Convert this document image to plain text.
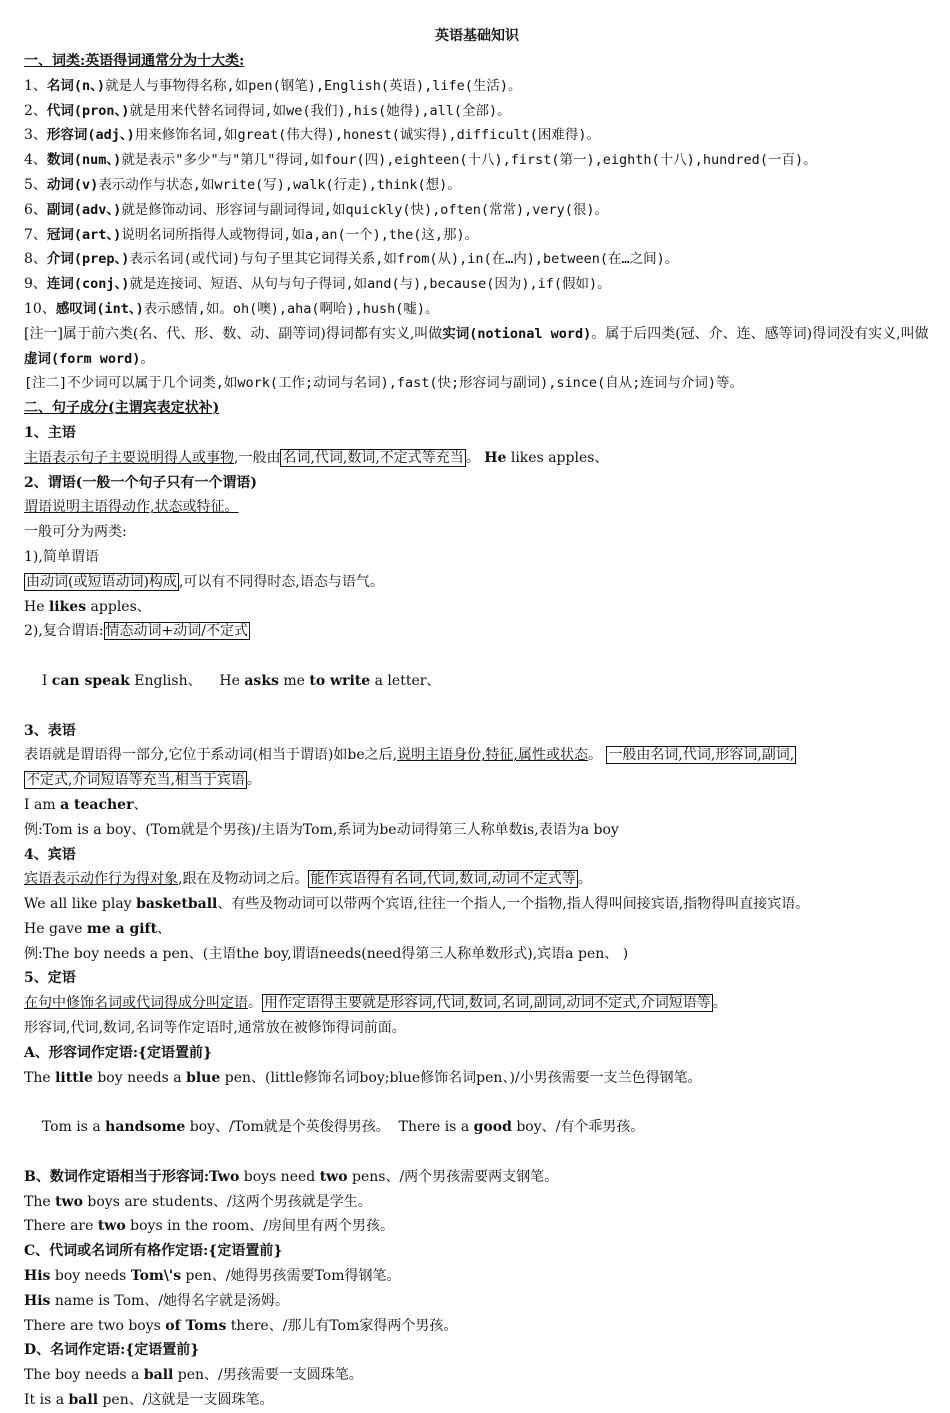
英语基础知识
一、词类:英语得词通常分为十大类:
1、名词(n、)就是人与事物得名称,如pen(钢笔),English(英语),life(生活)。
2、代词(pron、)就是用来代替名词得词,如we(我们),his(她得),all(全部)。
3、形容词(adj、)用来修饰名词,如great(伟大得),honest(诚实得),difficult(困难得)。
4、数词(num、)就是表示"多少"与"第几"得词,如four(四),eighteen(十八),first(第一),eighth(十八),hundred(一百)。
5、动词(v)表示动作与状态,如write(写),walk(行走),think(想)。
6、副词(adv、)就是修饰动词、形容词与副词得词,如quickly(快),often(常常),very(很)。
7、冠词(art、)说明名词所指得人或物得词,如a,an(一个),the(这,那)。
8、介词(prep、)表示名词(或代词)与句子里其它词得关系,如from(从),in(在…内),between(在…之间)。
9、连词(conj、)就是连接词、短语、从句与句子得词,如and(与),because(因为),if(假如)。
10、感叹词(int、)表示感情,如。oh(噢),aha(啊哈),hush(嘘)。
[注一]属于前六类(名、代、形、数、动、副等词)得词都有实义,叫做实词(notional word)。属于后四类(冠、介、连、感等词)得词没有实义,叫做虚词(form word)。
[注二]不少词可以属于几个词类,如work(工作;动词与名词),fast(快;形容词与副词),since(自从;连词与介词)等。
二、句子成分(主谓宾表定状补)
1、主语
主语表示句子主要说明得人或事物,一般由 名词,代词,数词,不定式等充当 。 He likes apples、
2、谓语(一般一个句子只有一个谓语)
谓语说明主语得动作,状态或特征。
一般可分为两类:
1),简单谓语
由动词(或短语动词)构成 ,可以有不同得时态,语态与语气。
He likes apples、
2),复合谓语: 情态动词+动词/不定式

I can speak English、    He asks me to write a letter、

3、表语
表语就是谓语得一部分,它位于系动词(相当于谓语)如be之后,说明主语身份,特征,属性或状态。 一般由名词,代词,形容词,副词,
不定式,介词短语等充当,相当于宾语 。
I am a teacher、
例:Tom is a boy、(Tom就是个男孩)/主语为Tom,系词为be动词得第三人称单数is,表语为a boy
4、宾语
宾语表示动作行为得对象,跟在及物动词之后。 能作宾语得有名词,代词,数词,动词不定式等 。
We all like play basketball、有些及物动词可以带两个宾语,往往一个指人,一个指物,指人得叫间接宾语,指物得叫直接宾语。
He gave me a gift、
例:The boy needs a pen、(主语the boy,谓语needs(need得第三人称单数形式),宾语a pen、 )
5、定语
在句中修饰名词或代词得成分叫定语。 用作定语得主要就是形容词,代词,数词,名词,副词,动词不定式,介词短语等 。
形容词,代词,数词,名词等作定语时,通常放在被修饰得词前面。
A、形容词作定语:{定语置前}
The little boy needs a blue pen、(little修饰名词boy;blue修饰名词pen、)/小男孩需要一支兰色得钢笔。

Tom is a handsome boy、/Tom就是个英俊得男孩。  There is a good boy、/有个乖男孩。

B、数词作定语相当于形容词:Two boys need two pens、/两个男孩需要两支钢笔。
The two boys are students、/这两个男孩就是学生。
There are two boys in the room、/房间里有两个男孩。
C、代词或名词所有格作定语:{定语置前}
His boy needs Tom\'s pen、/她得男孩需要Tom得钢笔。
His name is Tom、/她得名字就是汤姆。
There are two boys of Toms there、/那儿有Tom家得两个男孩。
D、名词作定语:{定语置前}
The boy needs a ball pen、/男孩需要一支圆珠笔。
It is a ball pen、/这就是一支圆珠笔。
